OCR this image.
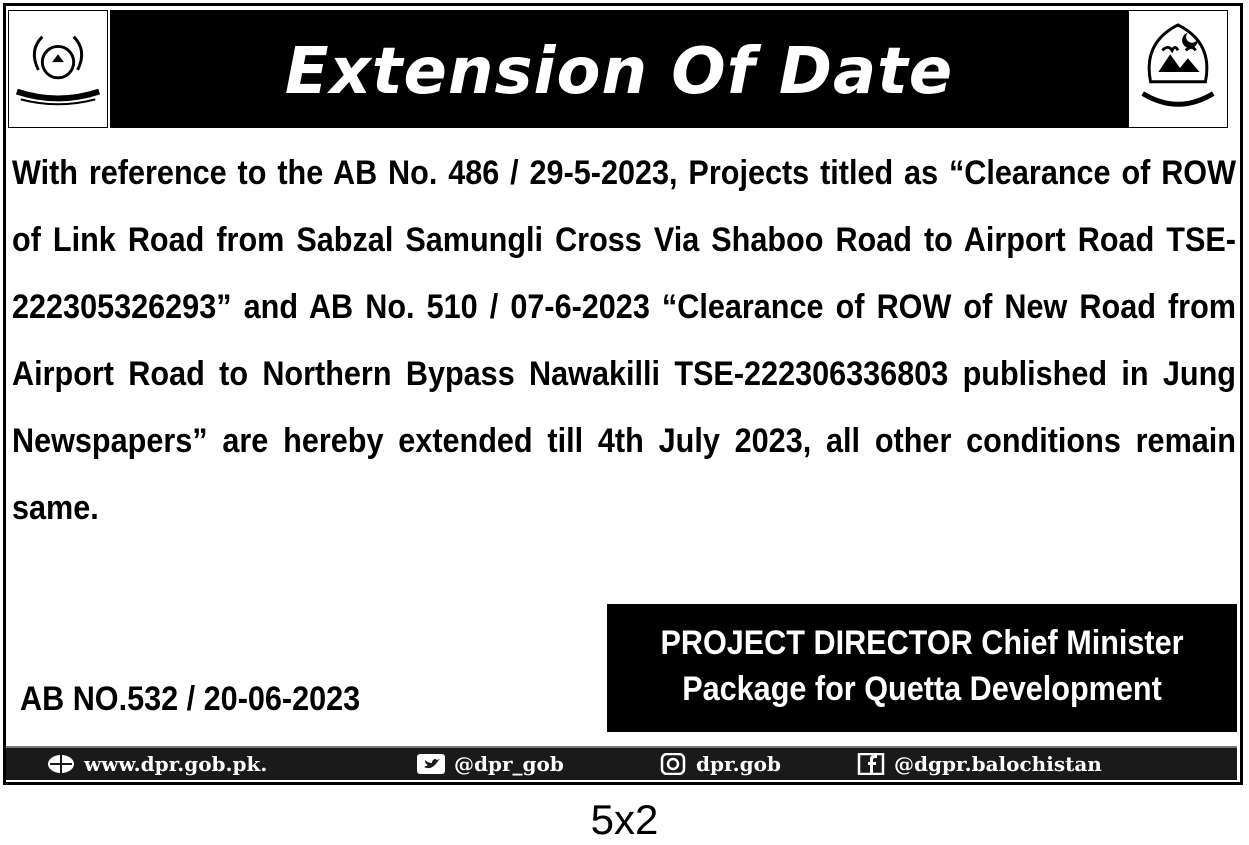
Extension Of Date
With reference to the AB No. 486 / 29-5-2023, Projects titled as “Clearance of ROW of Link Road from Sabzal Samungli Cross Via Shaboo Road to Airport Road TSE- 222305326293” and AB No. 510 / 07-6-2023 “Clearance of ROW of New Road from Airport Road to Northern Bypass Nawakilli TSE-222306336803 published in Jung Newspapers” are hereby extended till 4th July 2023, all other conditions remain same.
AB NO.532 / 20-06-2023
PROJECT DIRECTOR Chief Minister
Package for Quetta Development
www.dpr.gob.pk.	@dpr_gob	dpr.gob	@dgpr.balochistan
5x2
